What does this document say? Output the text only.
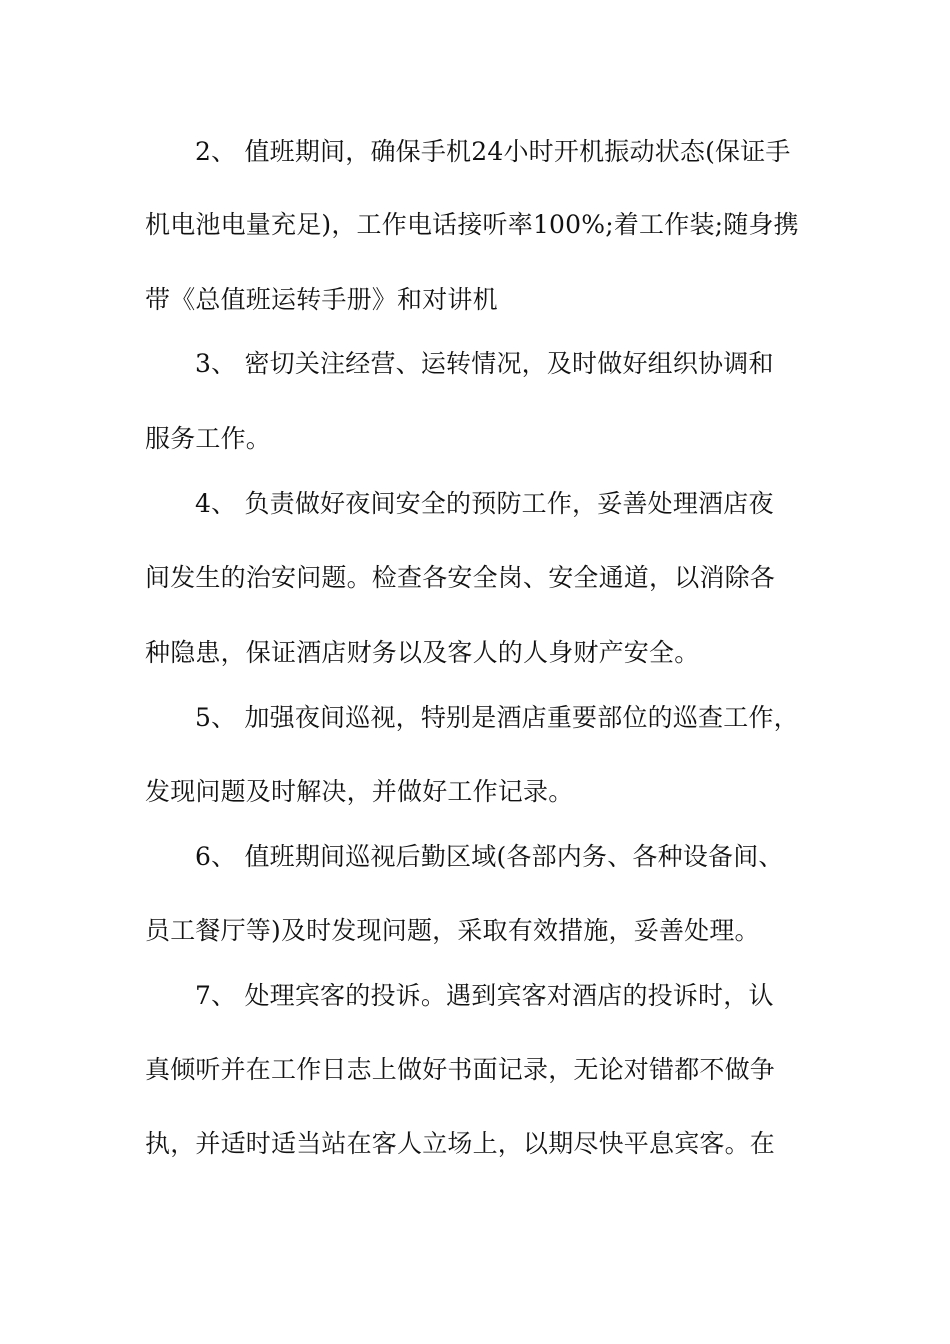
2、 值班期间，确保手机24小时开机振动状态(保证手
机电池电量充足)，工作电话接听率100%;着工作装;随身携
带《总值班运转手册》和对讲机
3、 密切关注经营、运转情况，及时做好组织协调和
服务工作。
4、 负责做好夜间安全的预防工作，妥善处理酒店夜
间发生的治安问题。检查各安全岗、安全通道，以消除各
种隐患，保证酒店财务以及客人的人身财产安全。
5、 加强夜间巡视，特别是酒店重要部位的巡查工作，
发现问题及时解决，并做好工作记录。
6、 值班期间巡视后勤区域(各部内务、各种设备间、
员工餐厅等)及时发现问题，采取有效措施，妥善处理。
7、 处理宾客的投诉。遇到宾客对酒店的投诉时，认
真倾听并在工作日志上做好书面记录，无论对错都不做争
执，并适时适当站在客人立场上，以期尽快平息宾客。在
